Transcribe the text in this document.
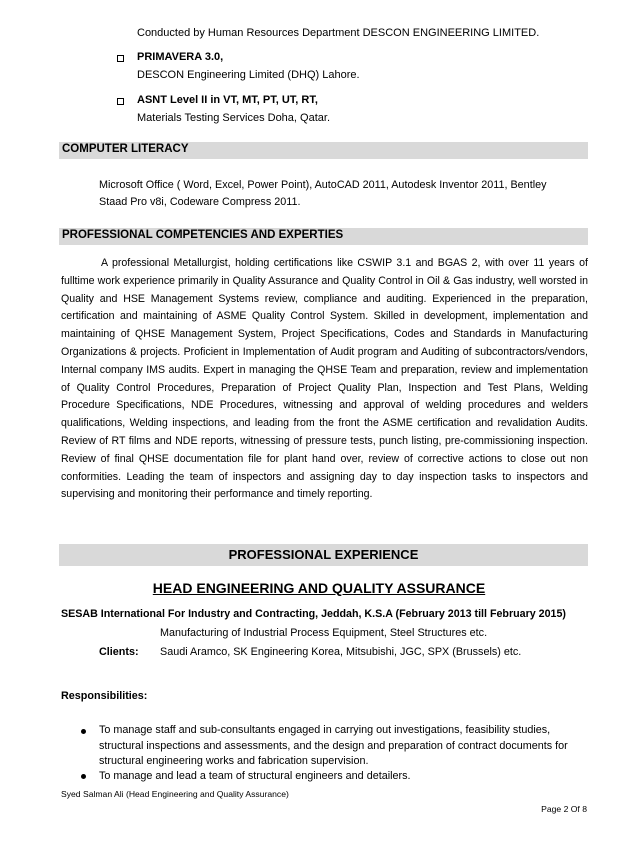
Conducted by Human Resources Department DESCON ENGINEERING LIMITED.
PRIMAVERA 3.0,
DESCON Engineering Limited (DHQ) Lahore.
ASNT Level II in VT, MT, PT, UT, RT,
Materials Testing Services Doha, Qatar.
COMPUTER LITERACY
Microsoft Office ( Word, Excel, Power Point), AutoCAD 2011, Autodesk Inventor 2011, Bentley
Staad Pro v8i, Codeware Compress 2011.
PROFESSIONAL COMPETENCIES AND EXPERTIES
A professional Metallurgist, holding certifications like CSWIP 3.1 and BGAS 2, with over 11 years of fulltime work experience primarily in Quality Assurance and Quality Control in Oil & Gas industry, well worsted in Quality and HSE Management Systems review, compliance and auditing. Experienced in the preparation, certification and maintaining of ASME Quality Control System. Skilled in development, implementation and maintaining of QHSE Management System, Project Specifications, Codes and Standards in Manufacturing Organizations & projects. Proficient in Implementation of Audit program and Auditing of subcontractors/vendors, Internal company IMS audits. Expert in managing the QHSE Team and preparation, review and implementation of Quality Control Procedures, Preparation of Project Quality Plan, Inspection and Test Plans, Welding Procedure Specifications, NDE Procedures, witnessing and approval of welding procedures and welders qualifications, Welding inspections, and leading from the front the ASME certification and revalidation Audits. Review of RT films and NDE reports, witnessing of pressure tests, punch listing, pre-commissioning inspection. Review of final QHSE documentation file for plant hand over, review of corrective actions to close out non conformities. Leading the team of inspectors and assigning day to day inspection tasks to inspectors and supervising and monitoring their performance and timely reporting.
PROFESSIONAL EXPERIENCE
HEAD ENGINEERING AND QUALITY ASSURANCE
SESAB International For Industry and Contracting, Jeddah, K.S.A (February 2013 till February 2015)
Manufacturing of Industrial Process Equipment, Steel Structures etc.
Clients: Saudi Aramco, SK Engineering Korea, Mitsubishi, JGC, SPX (Brussels) etc.
Responsibilities:
To manage staff and sub-consultants engaged in carrying out investigations, feasibility studies, structural inspections and assessments, and the design and preparation of contract documents for structural engineering works and fabrication supervision.
To manage and lead a team of structural engineers and detailers.
Syed Salman Ali (Head Engineering and Quality Assurance)
Page 2 Of 8
